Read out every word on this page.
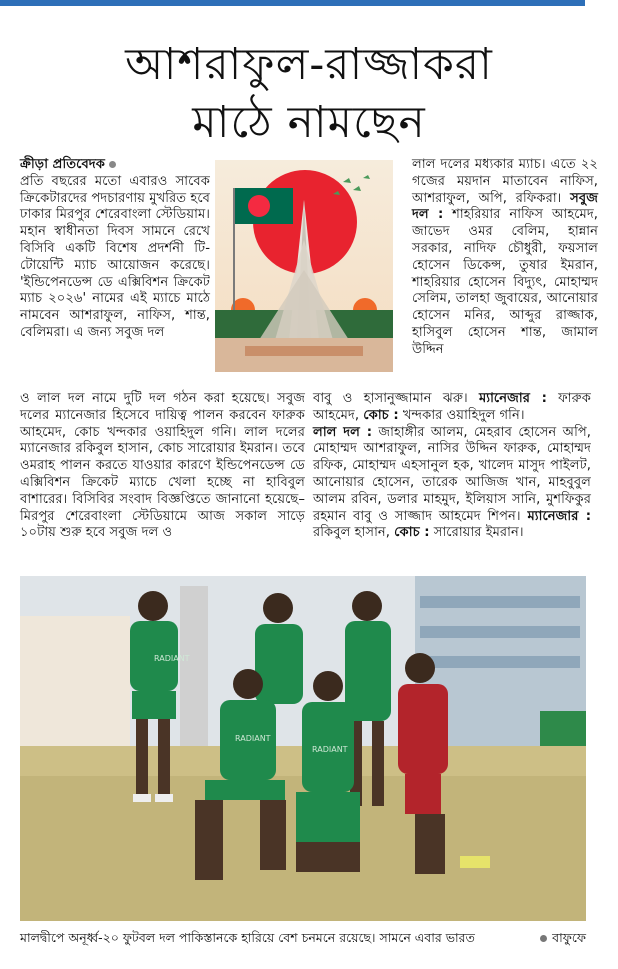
আশরাফুল-রাজ্জাকরা
মাঠে নামছেন
ক্রীড়া প্রতিবেদক
প্রতি বছরের মতো এবারও সাবেক ক্রিকেটারদের পদচারণায় মুখরিত হবে ঢাকার মিরপুর শেরেবাংলা স্টেডিয়াম। মহান স্বাধীনতা দিবস সামনে রেখে বিসিবি একটি বিশেষ প্রদর্শনী টি-টোয়েন্টি ম্যাচ আয়োজন করেছে। 'ইন্ডিপেনডেন্স ডে এক্সিবিশন ক্রিকেট ম্যাচ ২০২৬' নামের এই ম্যাচে মাঠে নামবেন আশরাফুল, নাফিস, শান্ত, বেলিমরা। এ জন্য সবুজ দল
লাল দলের মধ্যকার ম্যাচ। এতে ২২ গজের ময়দান মাতাবেন নাফিস, আশরাফুল, অপি, রফিকরা। সবুজ দল : শাহরিয়ার নাফিস আহমেদ, জাভেদ ওমর বেলিম, হান্নান সরকার, নাদিফ চৌধুরী, ফয়সাল হোসেন ডিকেন্স, তুষার ইমরান, শাহরিয়ার হোসেন বিদ্যুৎ, মোহাম্মদ সেলিম, তালহা জুবায়ের, আনোয়ার হোসেন মনির, আব্দুর রাজ্জাক, হাসিবুল হোসেন শান্ত, জামাল উদ্দিন
ও লাল দল নামে দুটি দল গঠন করা হয়েছে। সবুজ দলের ম্যানেজার হিসেবে দায়িত্ব পালন করবেন ফারুক আহমেদ, কোচ খন্দকার ওয়াহিদুল গনি। লাল দলের ম্যানেজার রকিবুল হাসান, কোচ সারোয়ার ইমরান। তবে ওমরাহ পালন করতে যাওয়ার কারণে ইন্ডিপেনডেন্স ডে এক্সিবিশন ক্রিকেট ম্যাচে খেলা হচ্ছে না হাবিবুল বাশারের। বিসিবির সংবাদ বিজ্ঞপ্তিতে জানানো হয়েছে– মিরপুর শেরেবাংলা স্টেডিয়ামে আজ সকাল সাড়ে ১০টায় শুরু হবে সবুজ দল ও
বাবু ও হাসানুজ্জামান ঝরু। ম্যানেজার : ফারুক আহমেদ, কোচ : খন্দকার ওয়াহিদুল গনি।
লাল দল : জাহাঙ্গীর আলম, মেহরাব হোসেন অপি, মোহাম্মদ আশরাফুল, নাসির উদ্দিন ফারুক, মোহাম্মদ রফিক, মোহাম্মদ এহসানুল হক, খালেদ মাসুদ পাইলট, আনোয়ার হোসেন, তারেক আজিজ খান, মাহবুবুল আলম রবিন, ডলার মাহমুদ, ইলিয়াস সানি, মুশফিকুর রহমান বাবু ও সাজ্জাদ আহমেদ শিপন। ম্যানেজার : রকিবুল হাসান, কোচ : সারোয়ার ইমরান।
RADIANT
RADIANT
RADIANT
মালদ্বীপে অনূর্ধ্ব-২০ ফুটবল দল পাকিস্তানকে হারিয়ে বেশ চনমনে রয়েছে। সামনে এবার ভারত	বাফুফে
